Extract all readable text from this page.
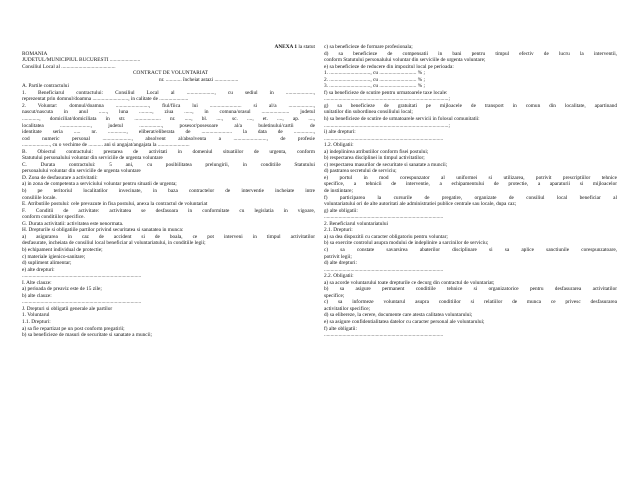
ANEXA 1 la statut
ROMANIA
JUDETUL/MUNICIPIUL BUCURESTI .......................
Consiliul Local al .........................................
CONTRACT DE VOLUNTARIAT
nr. ............ încheiat astazi ..................
A. Partile contractului
1. Beneficiarul contractului: Consiliul Local al ....................., cu sediul in .....................,
reprezentat prin domnul/doamna ..........................., in calitate de ......................
2. Voluntar: domnul/doamna ........................., fiul/fiica lui ........................ si al/a ...................,
nascut/nascuta in anul ......, luna .........., ziua ......, in comuna/orasul ..................... judetul
............., domiciliat/domiciliata in str. .................... nr. ....., bl. ...., sc. ...., et. ...., ap. ....,
localitatea ......................., judetul ................., posesor/posesoare al/a buletinului/cartii de
identitate seria ..... nr. .............., eliberat/eliberata de ....................... la data de ...............,
cod numeric personal ......................, absolvent al/absolventa a ........................., de profesie
....................., cu o vechime de ........... ani si angajat/angajata la ........................
B. Obiectul contractului: prestarea de activitati in domeniul situatiilor de urgenta, conform
Statutului personalului voluntar din serviciile de urgenta voluntare
C. Durata contractului: 5 ani, cu posibilitatea prelungirii, in conditiile Statutului
personalului voluntar din serviciile de urgenta voluntare
D. Zona de desfasurare a activitatii:
a) in zona de competenta a serviciului voluntar pentru situatii de urgenta;
b) pe teritoriul localitatilor invecinate, in baza contractelor de interventie incheiate intre
consiliile locale.
E. Atributiile postului: cele prevazute in fisa postului, anexa la contractul de voluntariat
F. Conditii de activitate: activitatea se desfasoara in conformitate cu legislatia in vigoare,
conform conditiilor specifice.
G. Durata activitatii: activitatea este nenormata.
H. Drepturile si obligatiile partilor privind securitatea si sanatatea in munca:
a) asigurarea in caz de accident si de boala, ce pot interveni in timpul activitatilor
desfasurate, incheiata de consiliul local beneficiar al voluntariatului, in conditiile legii;
b) echipament individual de protectie;
c) materiale igienico-sanitare;
d) supliment alimentar;
e) alte drepturi:
..........................................................................................
I. Alte clauze:
a) perioada de preaviz este de 15 zile;
b) alte clauze:
..........................................................................................
J. Drepturi si obligatii generale ale partilor
1. Voluntarul
1.1. Drepturi:
a) sa fie repartizat pe un post conform pregatirii;
b) sa beneficieze de masuri de securitate si sanatate a muncii;
c) sa beneficieze de formare profesionala;
d) sa beneficieze de compensatii in bani pentru timpul efectiv de lucru la interventii,
conform Statutului personalului voluntar din serviciile de urgenta voluntare;
e) sa beneficieze de reducere din impozitul local pe perioada:
1. ..............................., cu ............................ % ;
2. ..............................., cu ............................ % ;
3. ..............................., cu ............................ % ;
f) sa beneficieze de scutire pentru urmatoarele taxe locale:
..............................................................................................;
g) sa beneficieze de gratuitati pe mijloacele de transport in comun din localitate, apartinand
unitatilor din subordinea consiliului local;
h) sa beneficieze de scutire de urmatoarele servicii in folosul comunitatii:
..............................................................................................;
i) alte drepturi:
..........................................................................................
1.2. Obligatii:
a) indeplinirea atributiilor conform fisei postului;
b) respectarea disciplinei in timpul activitatilor;
c) respectarea masurilor de securitate si sanatate a muncii;
d) pastrarea secretului de serviciu;
e) portul in mod corespunzator al uniformei si utilizarea, potrivit prescriptiilor tehnice
specifice, a tehnicii de interventie, a echipamentului de protectie, a aparaturii si mijloacelor
de instiintare;
f) participarea la cursurile de pregatire, organizate de consiliul local beneficiar al
voluntariatului ori de alte autoritati ale administratiei publice centrale sau locale, dupa caz;
g) alte obligatii:
..........................................................................................
2. Beneficiarul voluntariatului
2.1. Drepturi:
a) sa dea dispozitii cu caracter obligatoriu pentru voluntar;
b) sa exercite controlul asupra modului de indeplinire a sarcinilor de serviciu;
c) sa constate savarsirea abaterilor disciplinare si sa aplice sanctiunile corespunzatoare,
potrivit legii;
d) alte drepturi:
..........................................................................................
2.2. Obligatii:
a) sa acorde voluntarului toate drepturile ce decurg din contractul de voluntariat;
b) sa asigure permanent conditiile tehnice si organizatorice pentru desfasurarea activitatilor
specifice;
c) sa informeze voluntarul asupra conditiilor si relatiilor de munca ce privesc desfasurarea
activitatilor specifice;
d) sa elibereze, la cerere, documente care atesta calitatea voluntarului;
e) sa asigure confidentialitatea datelor cu caracter personal ale voluntarului;
f) alte obligatii:
..........................................................................................
